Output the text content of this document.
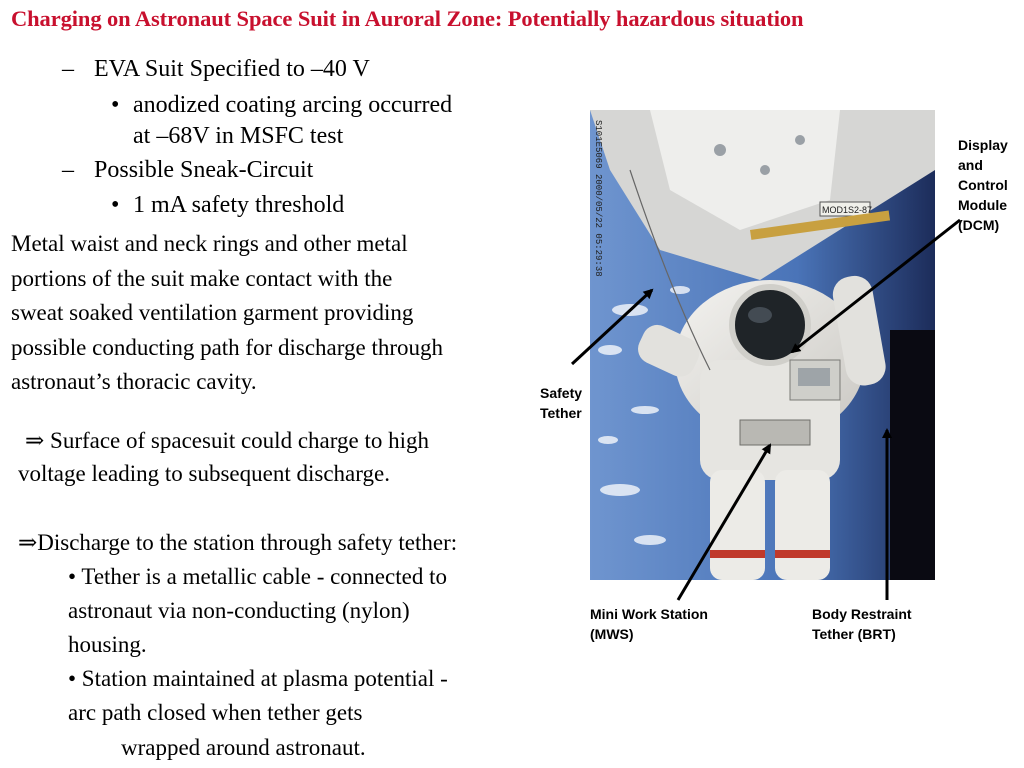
Charging on Astronaut Space Suit in Auroral Zone: Potentially hazardous situation
– EVA Suit Specified to –40 V
• anodized coating arcing occurred
at –68V in MSFC test
– Possible Sneak-Circuit
• 1 mA safety threshold
Metal waist and neck rings and other metal
portions of the suit make contact with the
sweat soaked ventilation garment providing
possible conducting path for discharge through
astronaut’s thoracic cavity.
⇒ Surface of spacesuit could charge to high
voltage leading to subsequent discharge.
⇒Discharge to the station through safety tether:
• Tether is a metallic cable - connected to
astronaut via non-conducting (nylon)
housing.
• Station maintained at plasma potential -
arc path closed when tether gets
wrapped around astronaut.
MOD1S2-87
S101E5069 2000/05/22 05:29:38	Display
and
Control
Module
(DCM)
Safety
Tether
Mini Work Station
(MWS)
Body Restraint
Tether (BRT)
